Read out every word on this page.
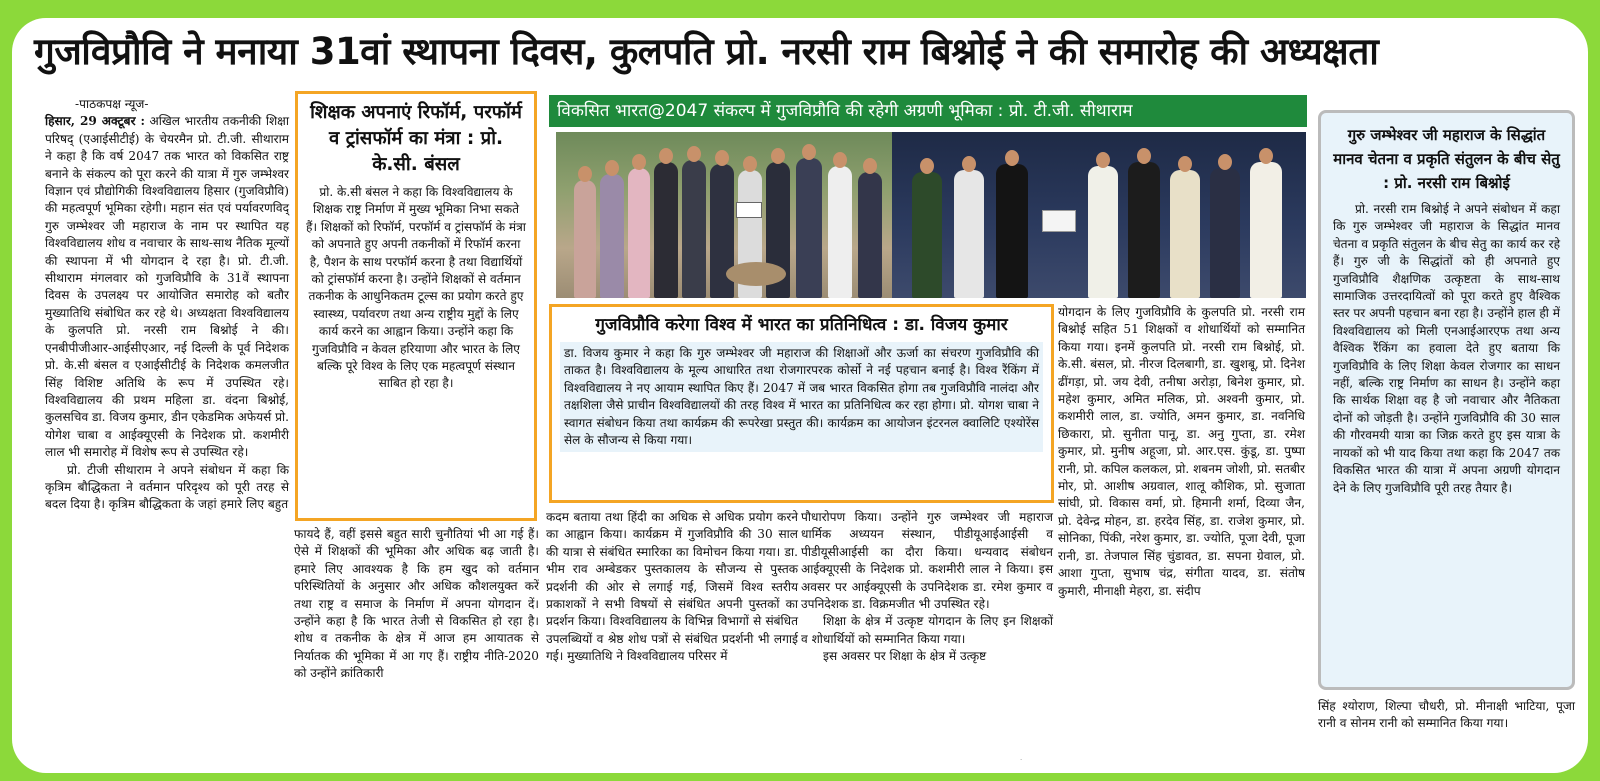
गुजविप्रौवि ने मनाया 31वां स्थापना दिवस, कुलपति प्रो. नरसी राम बिश्नोई ने की समारोह की अध्यक्षता

-पाठकपक्ष न्यूज-

हिसार, 29 अक्टूबर : अखिल भारतीय तकनीकी शिक्षा परिषद् (एआईसीटीई) के चेयरमैन प्रो. टी.जी. सीथाराम ने कहा है कि वर्ष 2047 तक भारत को विकसित राष्ट्र बनाने के संकल्प को पूरा करने की यात्रा में गुरु जम्भेश्वर विज्ञान एवं प्रौद्योगिकी विश्वविद्यालय हिसार (गुजविप्रौवि) की महत्वपूर्ण भूमिका रहेगी। महान संत एवं पर्यावरणविद् गुरु जम्भेश्वर जी महाराज के नाम पर स्थापित यह विश्वविद्यालय शोध व नवाचार के साथ-साथ नैतिक मूल्यों की स्थापना में भी योगदान दे रहा है। प्रो. टी.जी. सीथाराम मंगलवार को गुजविप्रौवि के 31वें स्थापना दिवस के उपलक्ष्य पर आयोजित समारोह को बतौर मुख्यातिथि संबोधित कर रहे थे। अध्यक्षता विश्वविद्यालय के कुलपति प्रो. नरसी राम बिश्नोई ने की। एनबीपीजीआर-आईसीएआर, नई दिल्ली के पूर्व निदेशक प्रो. के.सी बंसल व एआईसीटीई के निदेशक कमलजीत सिंह विशिष्ट अतिथि के रूप में उपस्थित रहे। विश्वविद्यालय की प्रथम महिला डा. वंदना बिश्नोई, कुलसचिव डा. विजय कुमार, डीन एकेडमिक अफेयर्स प्रो. योगेश चाबा व आईक्यूएसी के निदेशक प्रो. कशमीरी लाल भी समारोह में विशेष रूप से उपस्थित रहे।

प्रो. टीजी सीथाराम ने अपने संबोधन में कहा कि कृत्रिम बौद्धिकता ने वर्तमान परिदृश्य को पूरी तरह से बदल दिया है। कृत्रिम बौद्धिकता के जहां हमारे लिए बहुत

शिक्षक अपनाएं रिफॉर्म, परफॉर्म व ट्रांसफॉर्म का मंत्रा : प्रो. के.सी. बंसल

प्रो. के.सी बंसल ने कहा कि विश्वविद्यालय के शिक्षक राष्ट्र निर्माण में मुख्य भूमिका निभा सकते हैं। शिक्षकों को रिफॉर्म, परफॉर्म व ट्रांसफॉर्म के मंत्रा को अपनाते हुए अपनी तकनीकों में रिफॉर्म करना है, पैशन के साथ परफॉर्म करना है तथा विद्यार्थियों को ट्रांसफॉर्म करना है। उन्होंने शिक्षकों से वर्तमान तकनीक के आधुनिकतम टूल्स का प्रयोग करते हुए स्वास्थ्य, पर्यावरण तथा अन्य राष्ट्रीय मुद्दों के लिए कार्य करने का आह्वान किया। उन्होंने कहा कि गुजविप्रौवि न केवल हरियाणा और भारत के लिए बल्कि पूरे विश्व के लिए एक महत्वपूर्ण संस्थान साबित हो रहा है।

फायदे हैं, वहीं इससे बहुत सारी चुनौतियां भी आ गई हैं। ऐसे में शिक्षकों की भूमिका और अधिक बढ़ जाती है। हमारे लिए आवश्यक है कि हम खुद को वर्तमान परिस्थितियों के अनुसार और अधिक कौशलयुक्त करें तथा राष्ट्र व समाज के निर्माण में अपना योगदान दें। उन्होंने कहा है कि भारत तेजी से विकसित हो रहा है। शोध व तकनीक के क्षेत्र में आज हम आयातक से निर्यातक की भूमिका में आ गए हैं। राष्ट्रीय नीति-2020 को उन्होंने क्रांतिकारी
विकसित भारत@2047 संकल्प में गुजविप्रौवि की रहेगी अग्रणी भूमिका : प्रो. टी.जी. सीथाराम
गुजविप्रौवि करेगा विश्व में भारत का प्रतिनिधित्व : डा. विजय कुमार
डा. विजय कुमार ने कहा कि गुरु जम्भेश्वर जी महाराज की शिक्षाओं और ऊर्जा का संचरण गुजविप्रौवि की ताकत है। विश्वविद्यालय के मूल्य आधारित तथा रोजगारपरक कोर्सो ने नई पहचान बनाई है। विश्व रैंकिंग में विश्वविद्यालय ने नए आयाम स्थापित किए हैं। 2047 में जब भारत विकसित होगा तब गुजविप्रौवि नालंदा और तक्षशिला जैसे प्राचीन विश्वविद्यालयों की तरह विश्व में भारत का प्रतिनिधित्व कर रहा होगा। प्रो. योगश चाबा ने स्वागत संबोधन किया तथा कार्यक्रम की रूपरेखा प्रस्तुत की। कार्यक्रम का आयोजन इंटरनल क्वालिटि एश्योरेंस सेल के सौजन्य से किया गया।
कदम बताया तथा हिंदी का अधिक से अधिक प्रयोग करने का आह्वान किया। कार्यक्रम में गुजविप्रौवि की 30 साल की यात्रा से संबंधित स्मारिका का विमोचन किया गया। डा. भीम राव अम्बेडकर पुस्तकालय के सौजन्य से पुस्तक प्रदर्शनी की ओर से लगाई गई, जिसमें विश्व स्तरीय प्रकाशकों ने सभी विषयों से संबंधित अपनी पुस्तकों का प्रदर्शन किया। विश्वविद्यालय के विभिन्न विभागों से संबंधित उपलब्धियों व श्रेष्ठ शोध पत्रों से संबंधित प्रदर्शनी भी लगाई गई। मुख्यातिथि ने विश्वविद्यालय परिसर में

पौधारोपण किया। उन्होंने गुरु जम्भेश्वर जी महाराज धार्मिक अध्ययन संस्थान, पीडीयूआईआईसी व पीडीयूसीआईसी का दौरा किया। धन्यवाद संबोधन आईक्यूएसी के निदेशक प्रो. कशमीरी लाल ने किया। इस अवसर पर आईक्यूएसी के उपनिदेशक डा. रमेश कुमार व उपनिदेशक डा. विक्रमजीत भी उपस्थित रहे।

शिक्षा के क्षेत्र में उत्कृष्ट योगदान के लिए इन शिक्षकों व शोधार्थियों को सम्मानित किया गया।

इस अवसर पर शिक्षा के क्षेत्र में उत्कृष्ट

योगदान के लिए गुजविप्रौवि के कुलपति प्रो. नरसी राम बिश्नोई सहित 51 शिक्षकों व शोधार्थियों को सम्मानित किया गया। इनमें कुलपति प्रो. नरसी राम बिश्नोई, प्रो. के.सी. बंसल, प्रो. नीरज दिलबागी, डा. खुशबू, प्रो. दिनेश ढींगड़ा, प्रो. जय देवी, तनीषा अरोड़ा, बिनेश कुमार, प्रो. महेश कुमार, अमित मलिक, प्रो. अश्वनी कुमार, प्रो. कशमीरी लाल, डा. ज्योति, अमन कुमार, डा. नवनिधि छिकारा, प्रो. सुनीता पानू, डा. अनु गुप्ता, डा. रमेश कुमार, प्रो. मुनीष अहूजा, प्रो. आर.एस. कुंडू, डा. पुष्पा रानी, प्रो. कपिल कलकल, प्रो. शबनम जोशी, प्रो. सतबीर मोर, प्रो. आशीष अग्रवाल, शालू कौशिक, प्रो. सुजाता सांघी, प्रो. विकास वर्मा, प्रो. हिमानी शर्मा, दिव्या जैन, प्रो. देवेन्द्र मोहन, डा. हरदेव सिंह, डा. राजेश कुमार, प्रो. सोनिका, पिंकी, नरेश कुमार, डा. ज्योति, पूजा देवी, पूजा रानी, डा. तेजपाल सिंह चुंडावत, डा. सपना ग्रेवाल, प्रो. आशा गुप्ता, सुभाष चंद्र, संगीता यादव, डा. संतोष कुमारी, मीनाक्षी मेहरा, डा. संदीप
गुरु जम्भेश्वर जी महाराज के सिद्धांत मानव चेतना व प्रकृति संतुलन के बीच सेतु : प्रो. नरसी राम बिश्नोई

प्रो. नरसी राम बिश्नोई ने अपने संबोधन में कहा कि गुरु जम्भेश्वर जी महाराज के सिद्धांत मानव चेतना व प्रकृति संतुलन के बीच सेतु का कार्य कर रहे हैं। गुरु जी के सिद्धांतों को ही अपनाते हुए गुजविप्रौवि शैक्षणिक उत्कृष्टता के साथ-साथ सामाजिक उत्तरदायित्वों को पूरा करते हुए वैश्विक स्तर पर अपनी पहचान बना रहा है। उन्होंने हाल ही में विश्वविद्यालय को मिली एनआईआरएफ तथा अन्य वैश्विक रैंकिंग का हवाला देते हुए बताया कि गुजविप्रौवि के लिए शिक्षा केवल रोजगार का साधन नहीं, बल्कि राष्ट्र निर्माण का साधन है। उन्होंने कहा कि सार्थक शिक्षा वह है जो नवाचार और नैतिकता दोनों को जोड़ती है। उन्होंने गुजविप्रौवि की 30 साल की गौरवमयी यात्रा का जिक्र करते हुए इस यात्रा के नायकों को भी याद किया तथा कहा कि 2047 तक विकसित भारत की यात्रा में अपना अग्रणी योगदान देने के लिए गुजविप्रौवि पूरी तरह तैयार है।

सिंह श्योराण, शिल्पा चौधरी, प्रो. मीनाक्षी भाटिया, पूजा रानी व सोनम रानी को सम्मानित किया गया।
·
